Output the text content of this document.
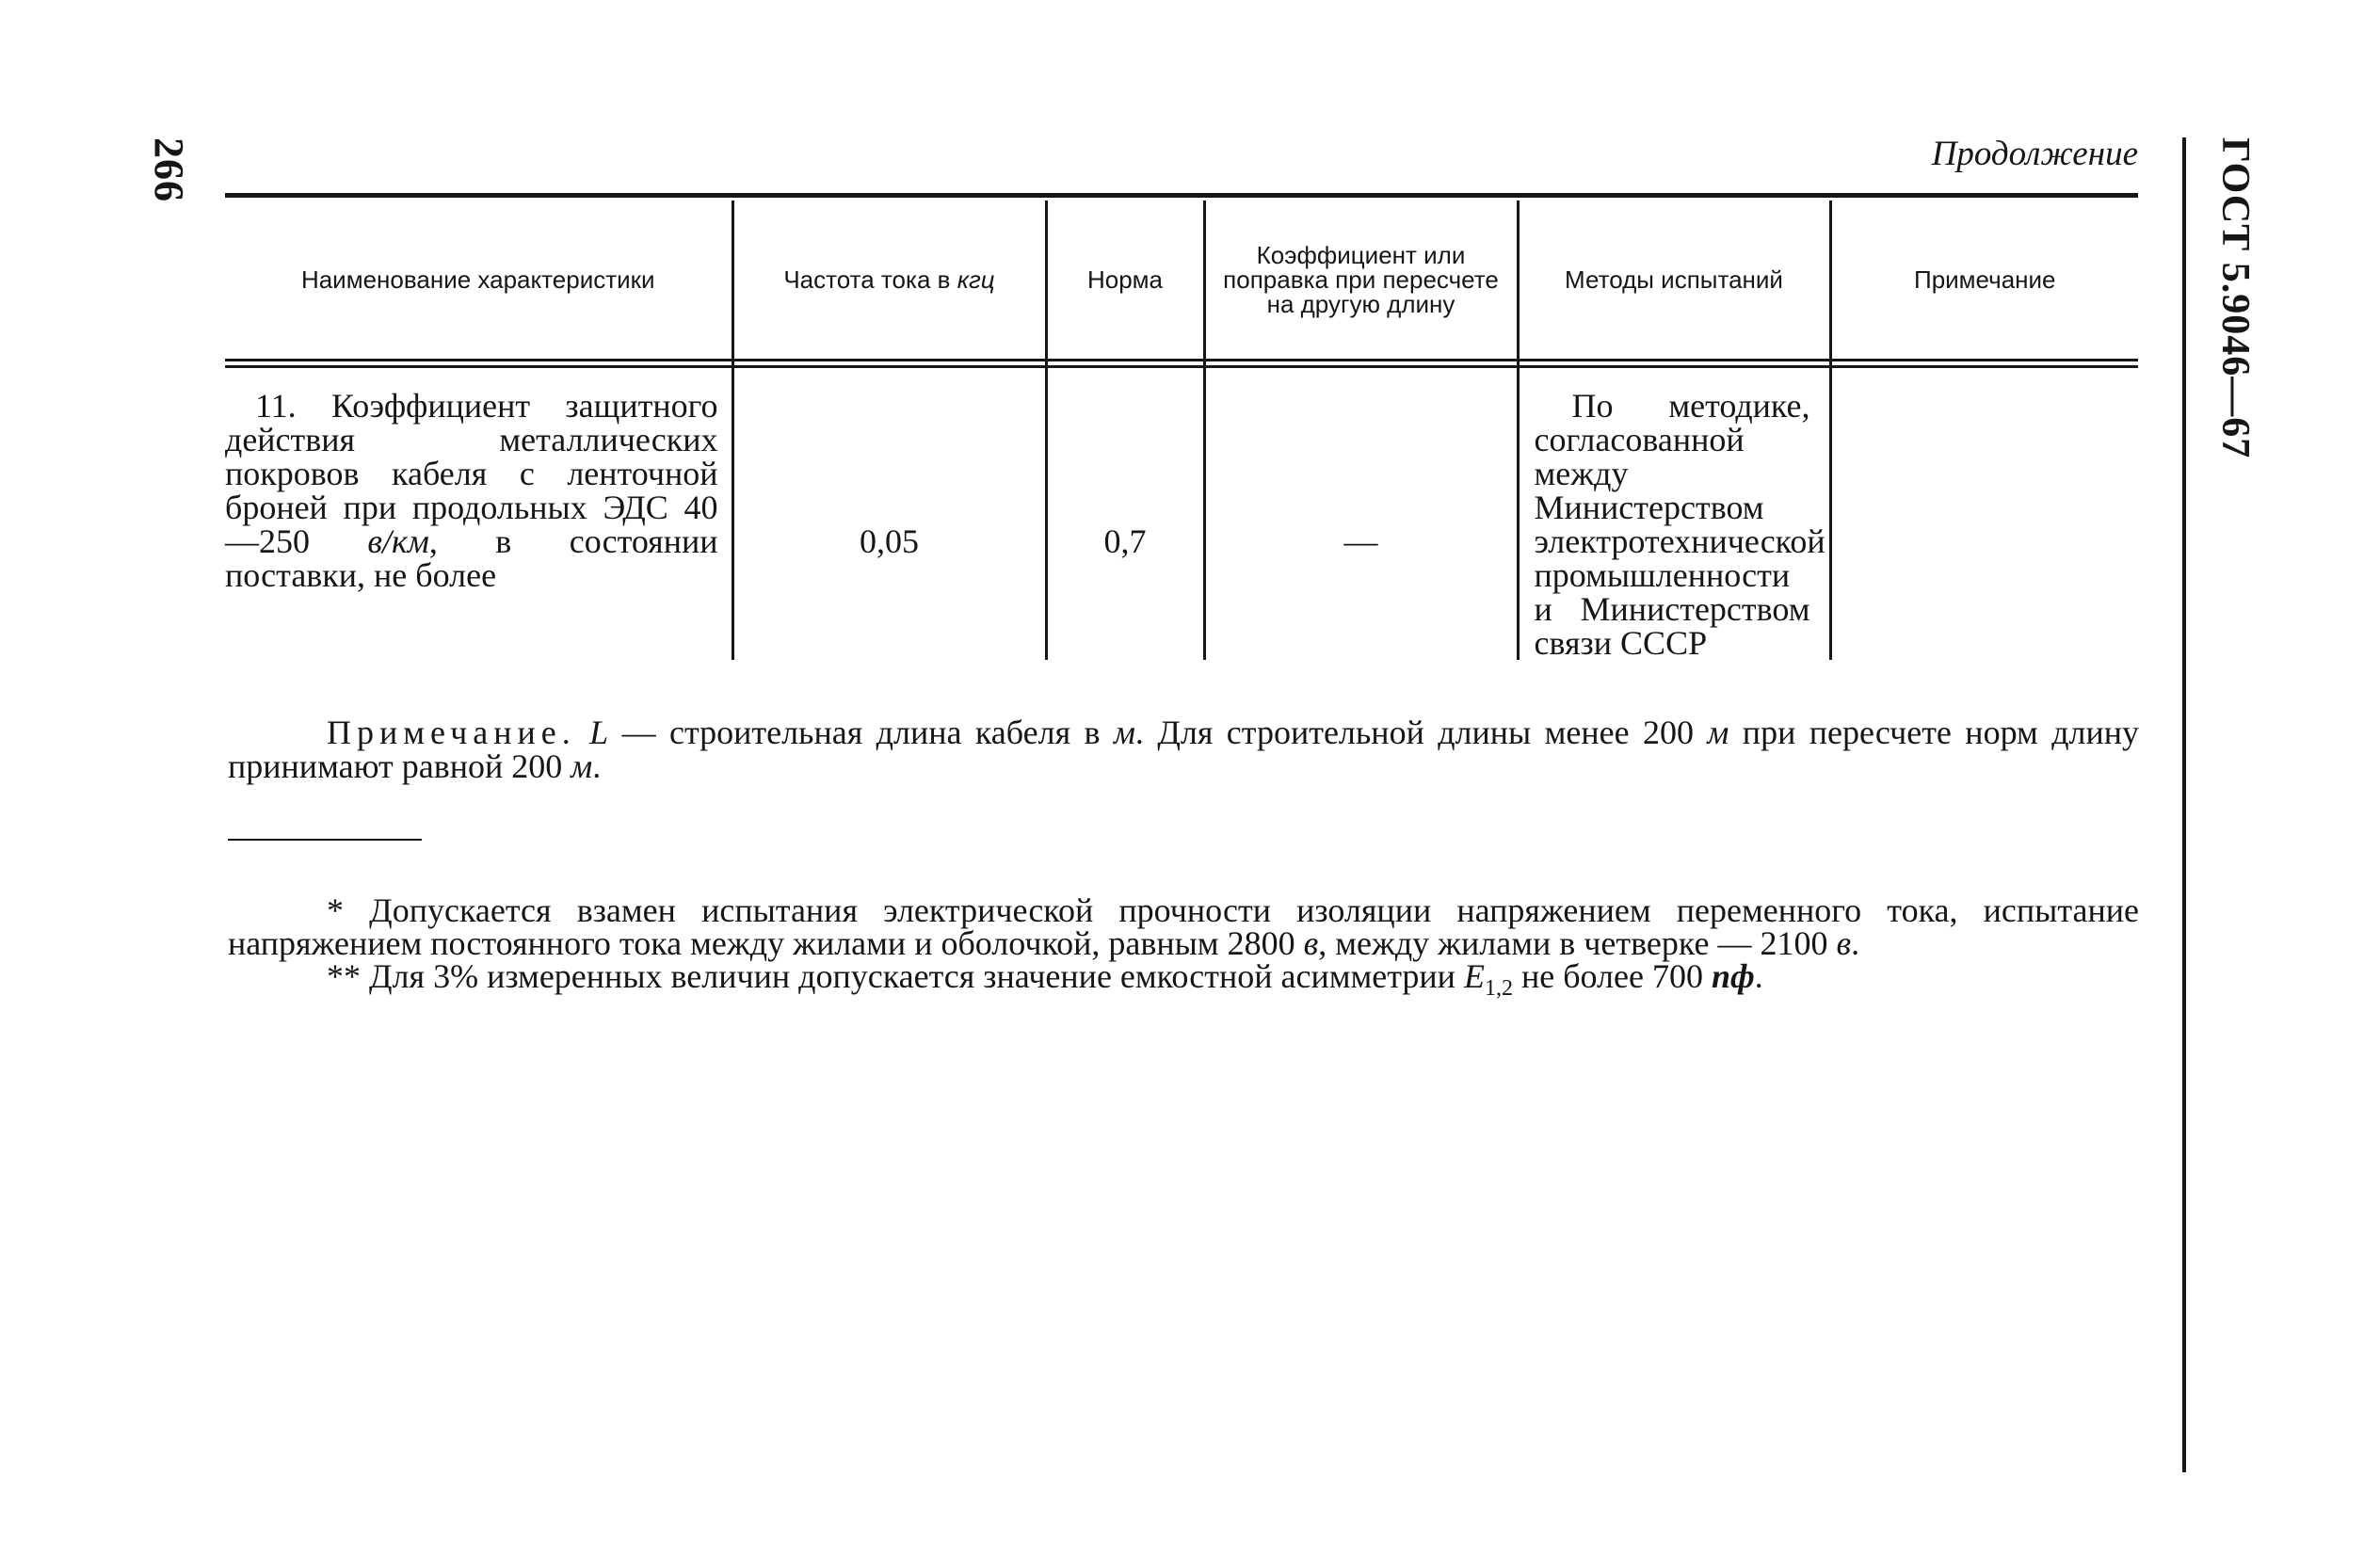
266	ГОСТ 5.9046—67
Продолжение
Наименование характеристики	Частота тока в кгц	Норма	Коэффициент или поправка при пересчете на другую длину	Методы испытаний	Примечание

11. Коэффициент защитного действия металлических покровов кабеля с ленточной броней при продольных ЭДС 40—250 в/км, в состоянии поставки, не более	0,05	0,7	—	По методике, согласованной между Министерством электротехнической промышленности и Министерством связи СССР	

Примечание. L — строительная длина кабеля в м. Для строительной длины менее 200 м при пересчете норм длину принимают равной 200 м.

* Допускается взамен испытания электрической прочности изоляции напряжением переменного тока, испытание напряжением постоянного тока между жилами и оболочкой, равным 2800 в, между жилами в четверке — 2100 в.

** Для 3% измеренных величин допускается значение емкостной асимметрии $E_{1,2}$ не более 700 пф.
